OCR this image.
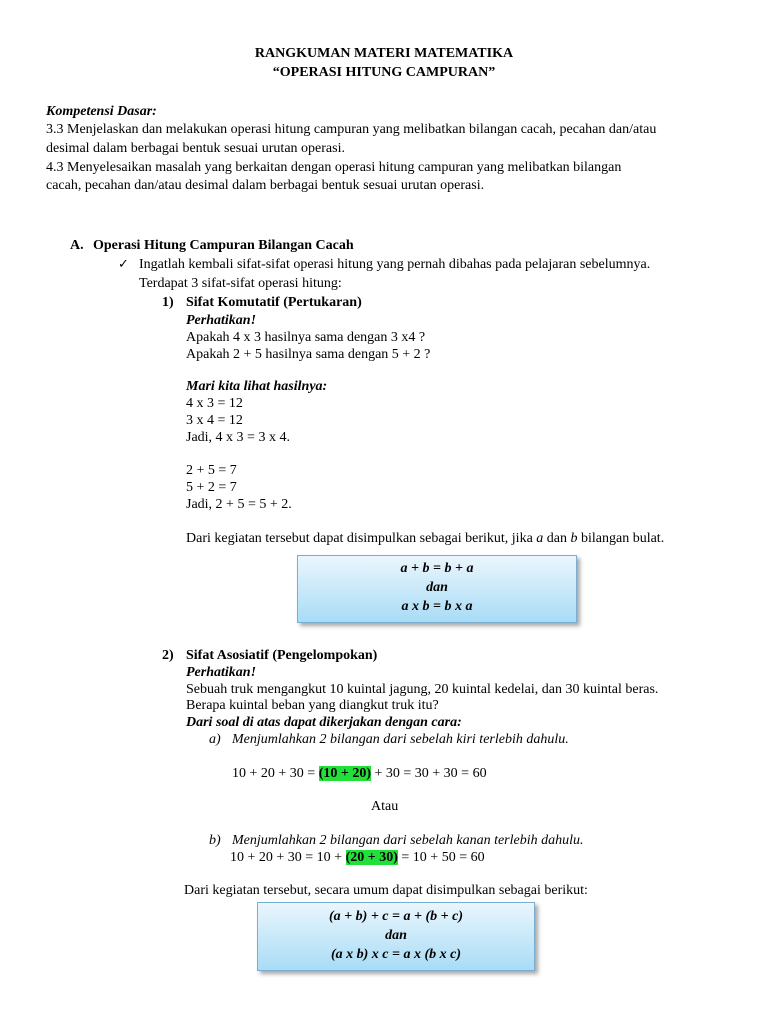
RANGKUMAN MATERI MATEMATIKA
“OPERASI HITUNG CAMPURAN”
Kompetensi Dasar:
3.3 Menjelaskan dan melakukan operasi hitung campuran yang melibatkan bilangan cacah, pecahan dan/atau
desimal dalam berbagai bentuk sesuai urutan operasi.
4.3 Menyelesaikan masalah yang berkaitan dengan operasi hitung campuran yang melibatkan bilangan
cacah, pecahan dan/atau desimal dalam berbagai bentuk sesuai urutan operasi.
A. Operasi Hitung Campuran Bilangan Cacah
✓ Ingatlah kembali sifat-sifat operasi hitung yang pernah dibahas pada pelajaran sebelumnya.
Terdapat 3 sifat-sifat operasi hitung:
1) Sifat Komutatif (Pertukaran)
Perhatikan!
Apakah 4 x 3 hasilnya sama dengan 3 x4 ?
Apakah 2 + 5 hasilnya sama dengan 5 + 2 ?
Mari kita lihat hasilnya:
4 x 3 = 12
3 x 4 = 12
Jadi, 4 x 3 = 3 x 4.
2 + 5 = 7
5 + 2 = 7
Jadi, 2 + 5 = 5 + 2.
Dari kegiatan tersebut dapat disimpulkan sebagai berikut, jika a dan b bilangan bulat.
a + b = b + a
dan
a x b = b x a
2) Sifat Asosiatif (Pengelompokan)
Perhatikan!
Sebuah truk mengangkut 10 kuintal jagung, 20 kuintal kedelai, dan 30 kuintal beras.
Berapa kuintal beban yang diangkut truk itu?
Dari soal di atas dapat dikerjakan dengan cara:
a) Menjumlahkan 2 bilangan dari sebelah kiri terlebih dahulu.
10 + 20 + 30 = (10 + 20) + 30 = 30 + 30 = 60
Atau
b) Menjumlahkan 2 bilangan dari sebelah kanan terlebih dahulu.
10 + 20 + 30 = 10 + (20 + 30) = 10 + 50 = 60
Dari kegiatan tersebut, secara umum dapat disimpulkan sebagai berikut:
(a + b) + c = a + (b + c)
dan
(a x b) x c = a x (b x c)
